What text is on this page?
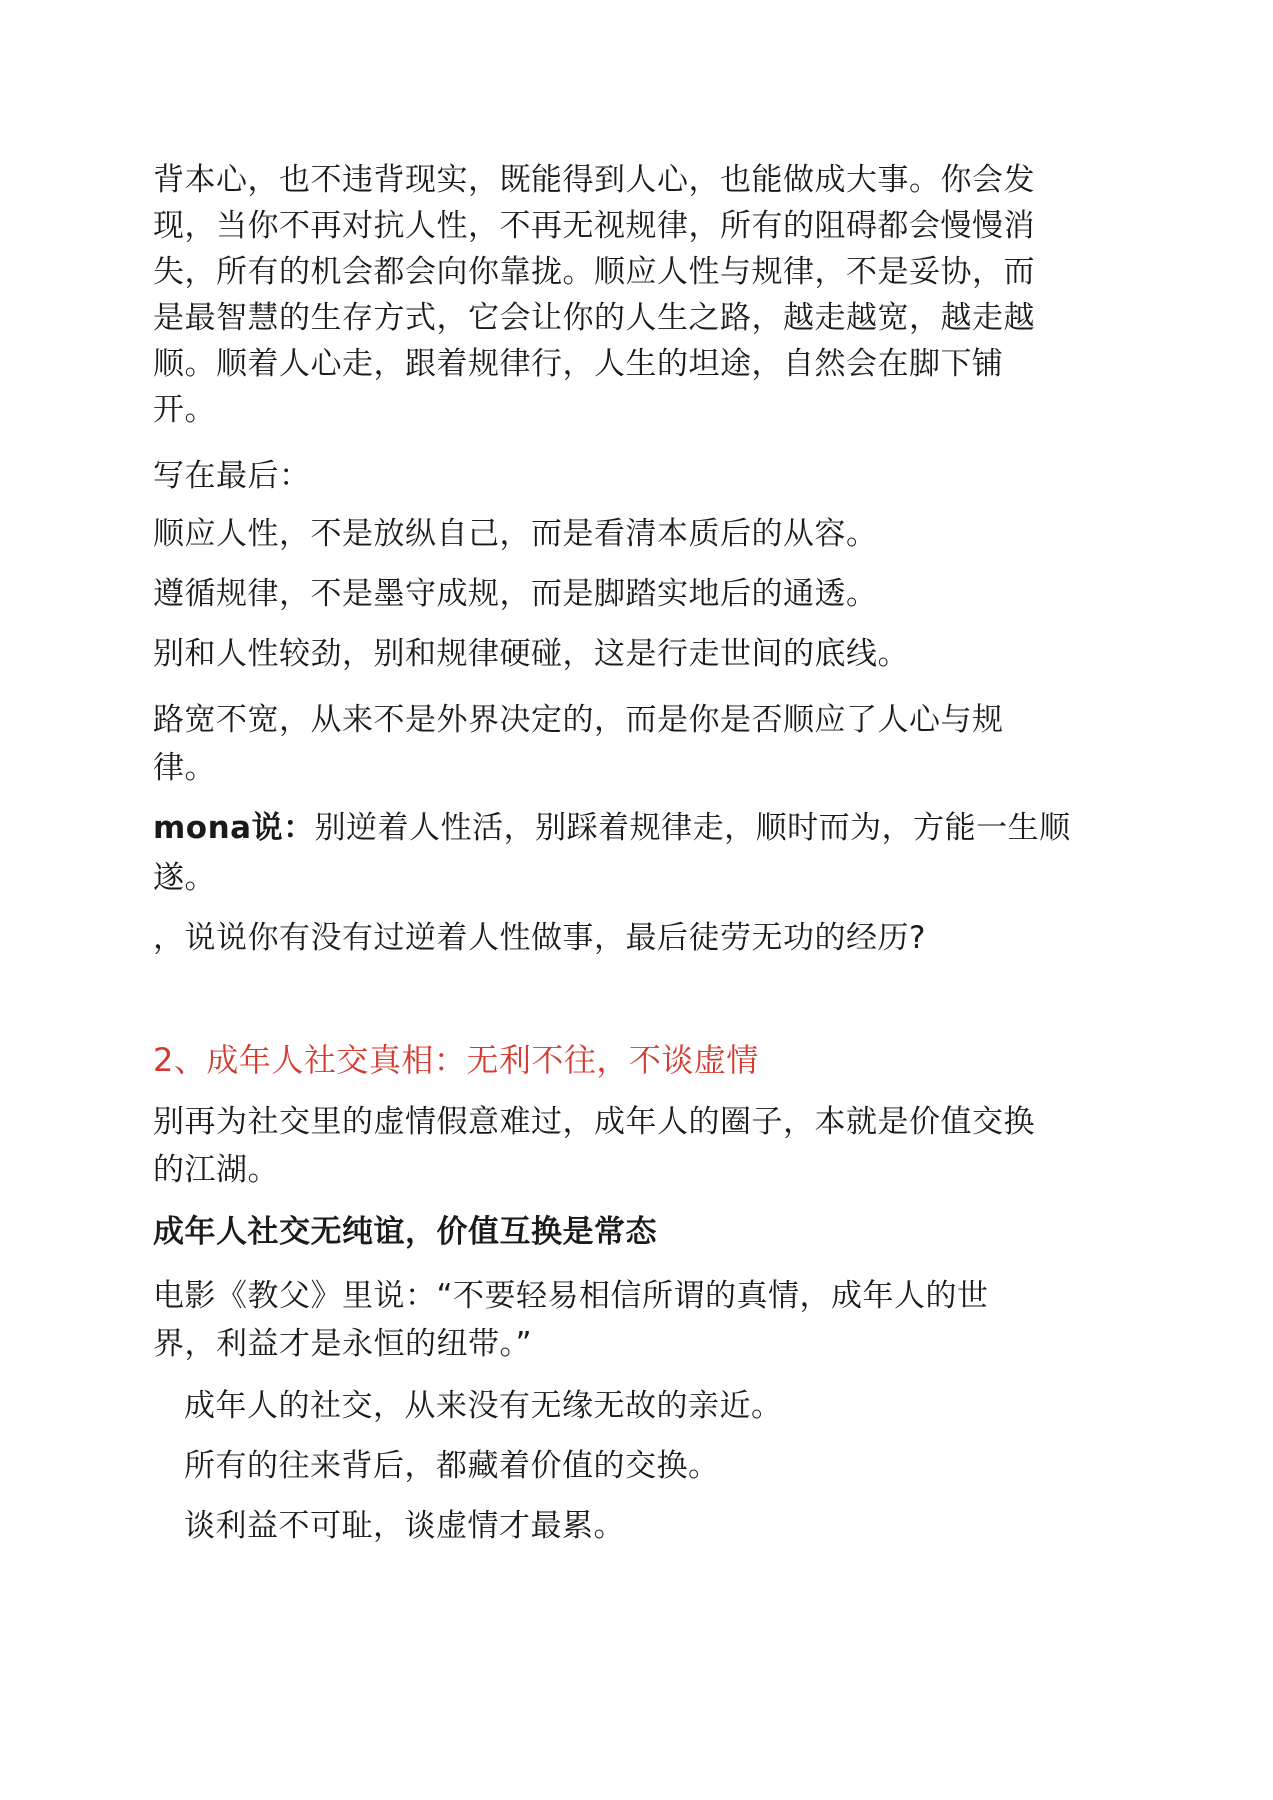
背本心，也不违背现实，既能得到人心，也能做成大事。你会发
现，当你不再对抗人性，不再无视规律，所有的阻碍都会慢慢消
失，所有的机会都会向你靠拢。顺应人性与规律，不是妥协，而
是最智慧的生存方式，它会让你的人生之路，越走越宽，越走越
顺。顺着人心走，跟着规律行，人生的坦途，自然会在脚下铺
开。
写在最后：
顺应人性，不是放纵自己，而是看清本质后的从容。
遵循规律，不是墨守成规，而是脚踏实地后的通透。
别和人性较劲，别和规律硬碰，这是行走世间的底线。
路宽不宽，从来不是外界决定的，而是你是否顺应了人心与规
律。
mona说：别逆着人性活，别踩着规律走，顺时而为，方能一生顺
遂。
，说说你有没有过逆着人性做事，最后徒劳无功的经历?
2、成年人社交真相：无利不往，不谈虚情
别再为社交里的虚情假意难过，成年人的圈子，本就是价值交换
的江湖。
成年人社交无纯谊，价值互换是常态
电影《教父》里说：“不要轻易相信所谓的真情，成年人的世
界，利益才是永恒的纽带。”
成年人的社交，从来没有无缘无故的亲近。
所有的往来背后，都藏着价值的交换。
谈利益不可耻，谈虚情才最累。
